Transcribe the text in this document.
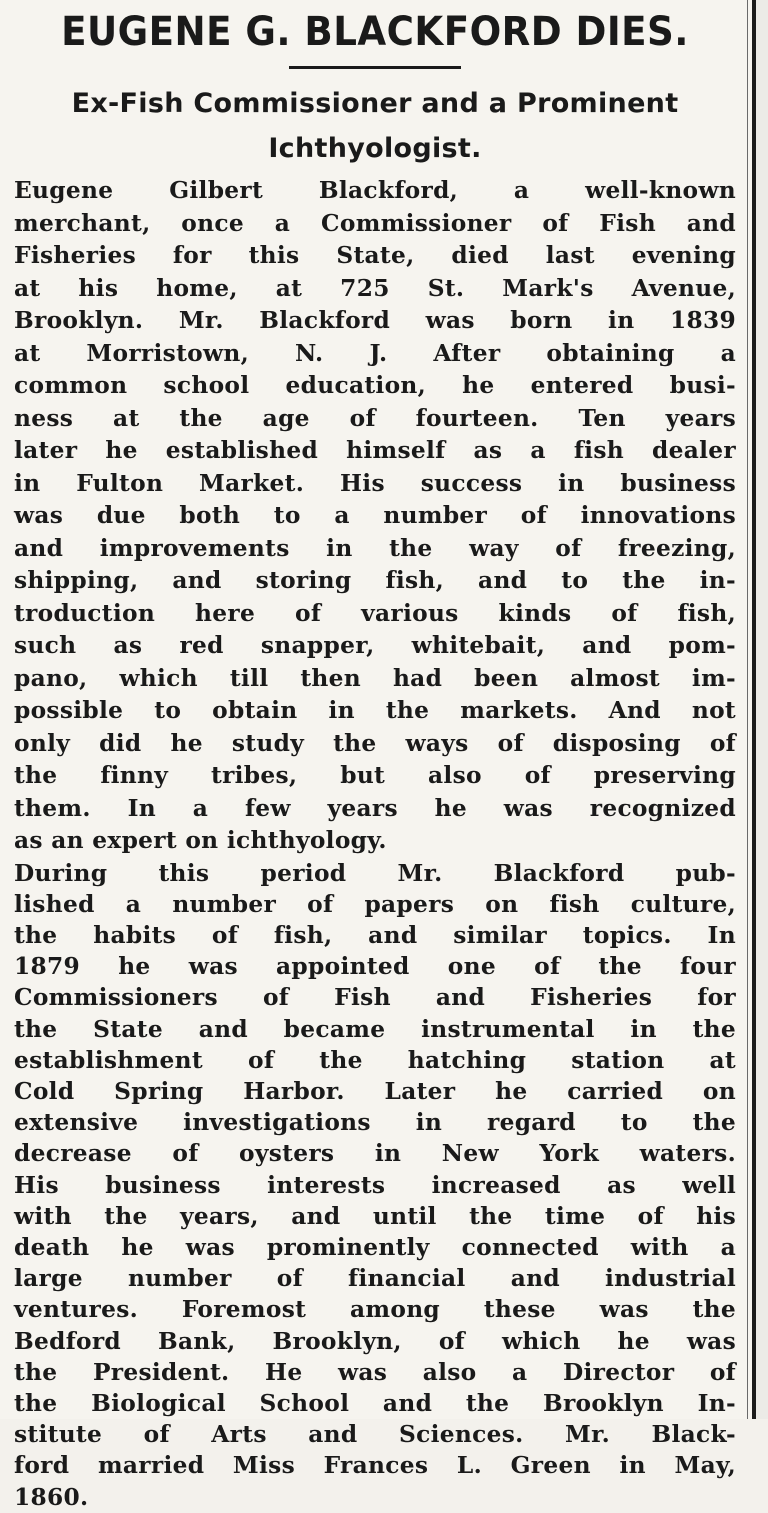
EUGENE G. BLACKFORD DIES.
Ex-Fish Commissioner and a Prominent Ichthyologist.

Eugene Gilbert Blackford, a well-known
merchant, once a Commissioner of Fish and
Fisheries for this State, died last evening
at his home, at 725 St. Mark's Avenue,
Brooklyn. Mr. Blackford was born in 1839
at Morristown, N. J. After obtaining a
common school education, he entered busi-
ness at the age of fourteen. Ten years
later he established himself as a fish dealer
in Fulton Market. His success in business
was due both to a number of innovations
and improvements in the way of freezing,
shipping, and storing fish, and to the in-
troduction here of various kinds of fish,
such as red snapper, whitebait, and pom-
pano, which till then had been almost im-
possible to obtain in the markets. And not
only did he study the ways of disposing of
the finny tribes, but also of preserving
them. In a few years he was recognized
as an expert on ichthyology.

During this period Mr. Blackford pub-
lished a number of papers on fish culture,
the habits of fish, and similar topics. In
1879 he was appointed one of the four
Commissioners of Fish and Fisheries for
the State and became instrumental in the
establishment of the hatching station at
Cold Spring Harbor. Later he carried on
extensive investigations in regard to the
decrease of oysters in New York waters.
His business interests increased as well
with the years, and until the time of his
death he was prominently connected with a
large number of financial and industrial
ventures. Foremost among these was the
Bedford Bank, Brooklyn, of which he was
the President. He was also a Director of
the Biological School and the Brooklyn In-
stitute of Arts and Sciences. Mr. Black-
ford married Miss Frances L. Green in May,
1860.
